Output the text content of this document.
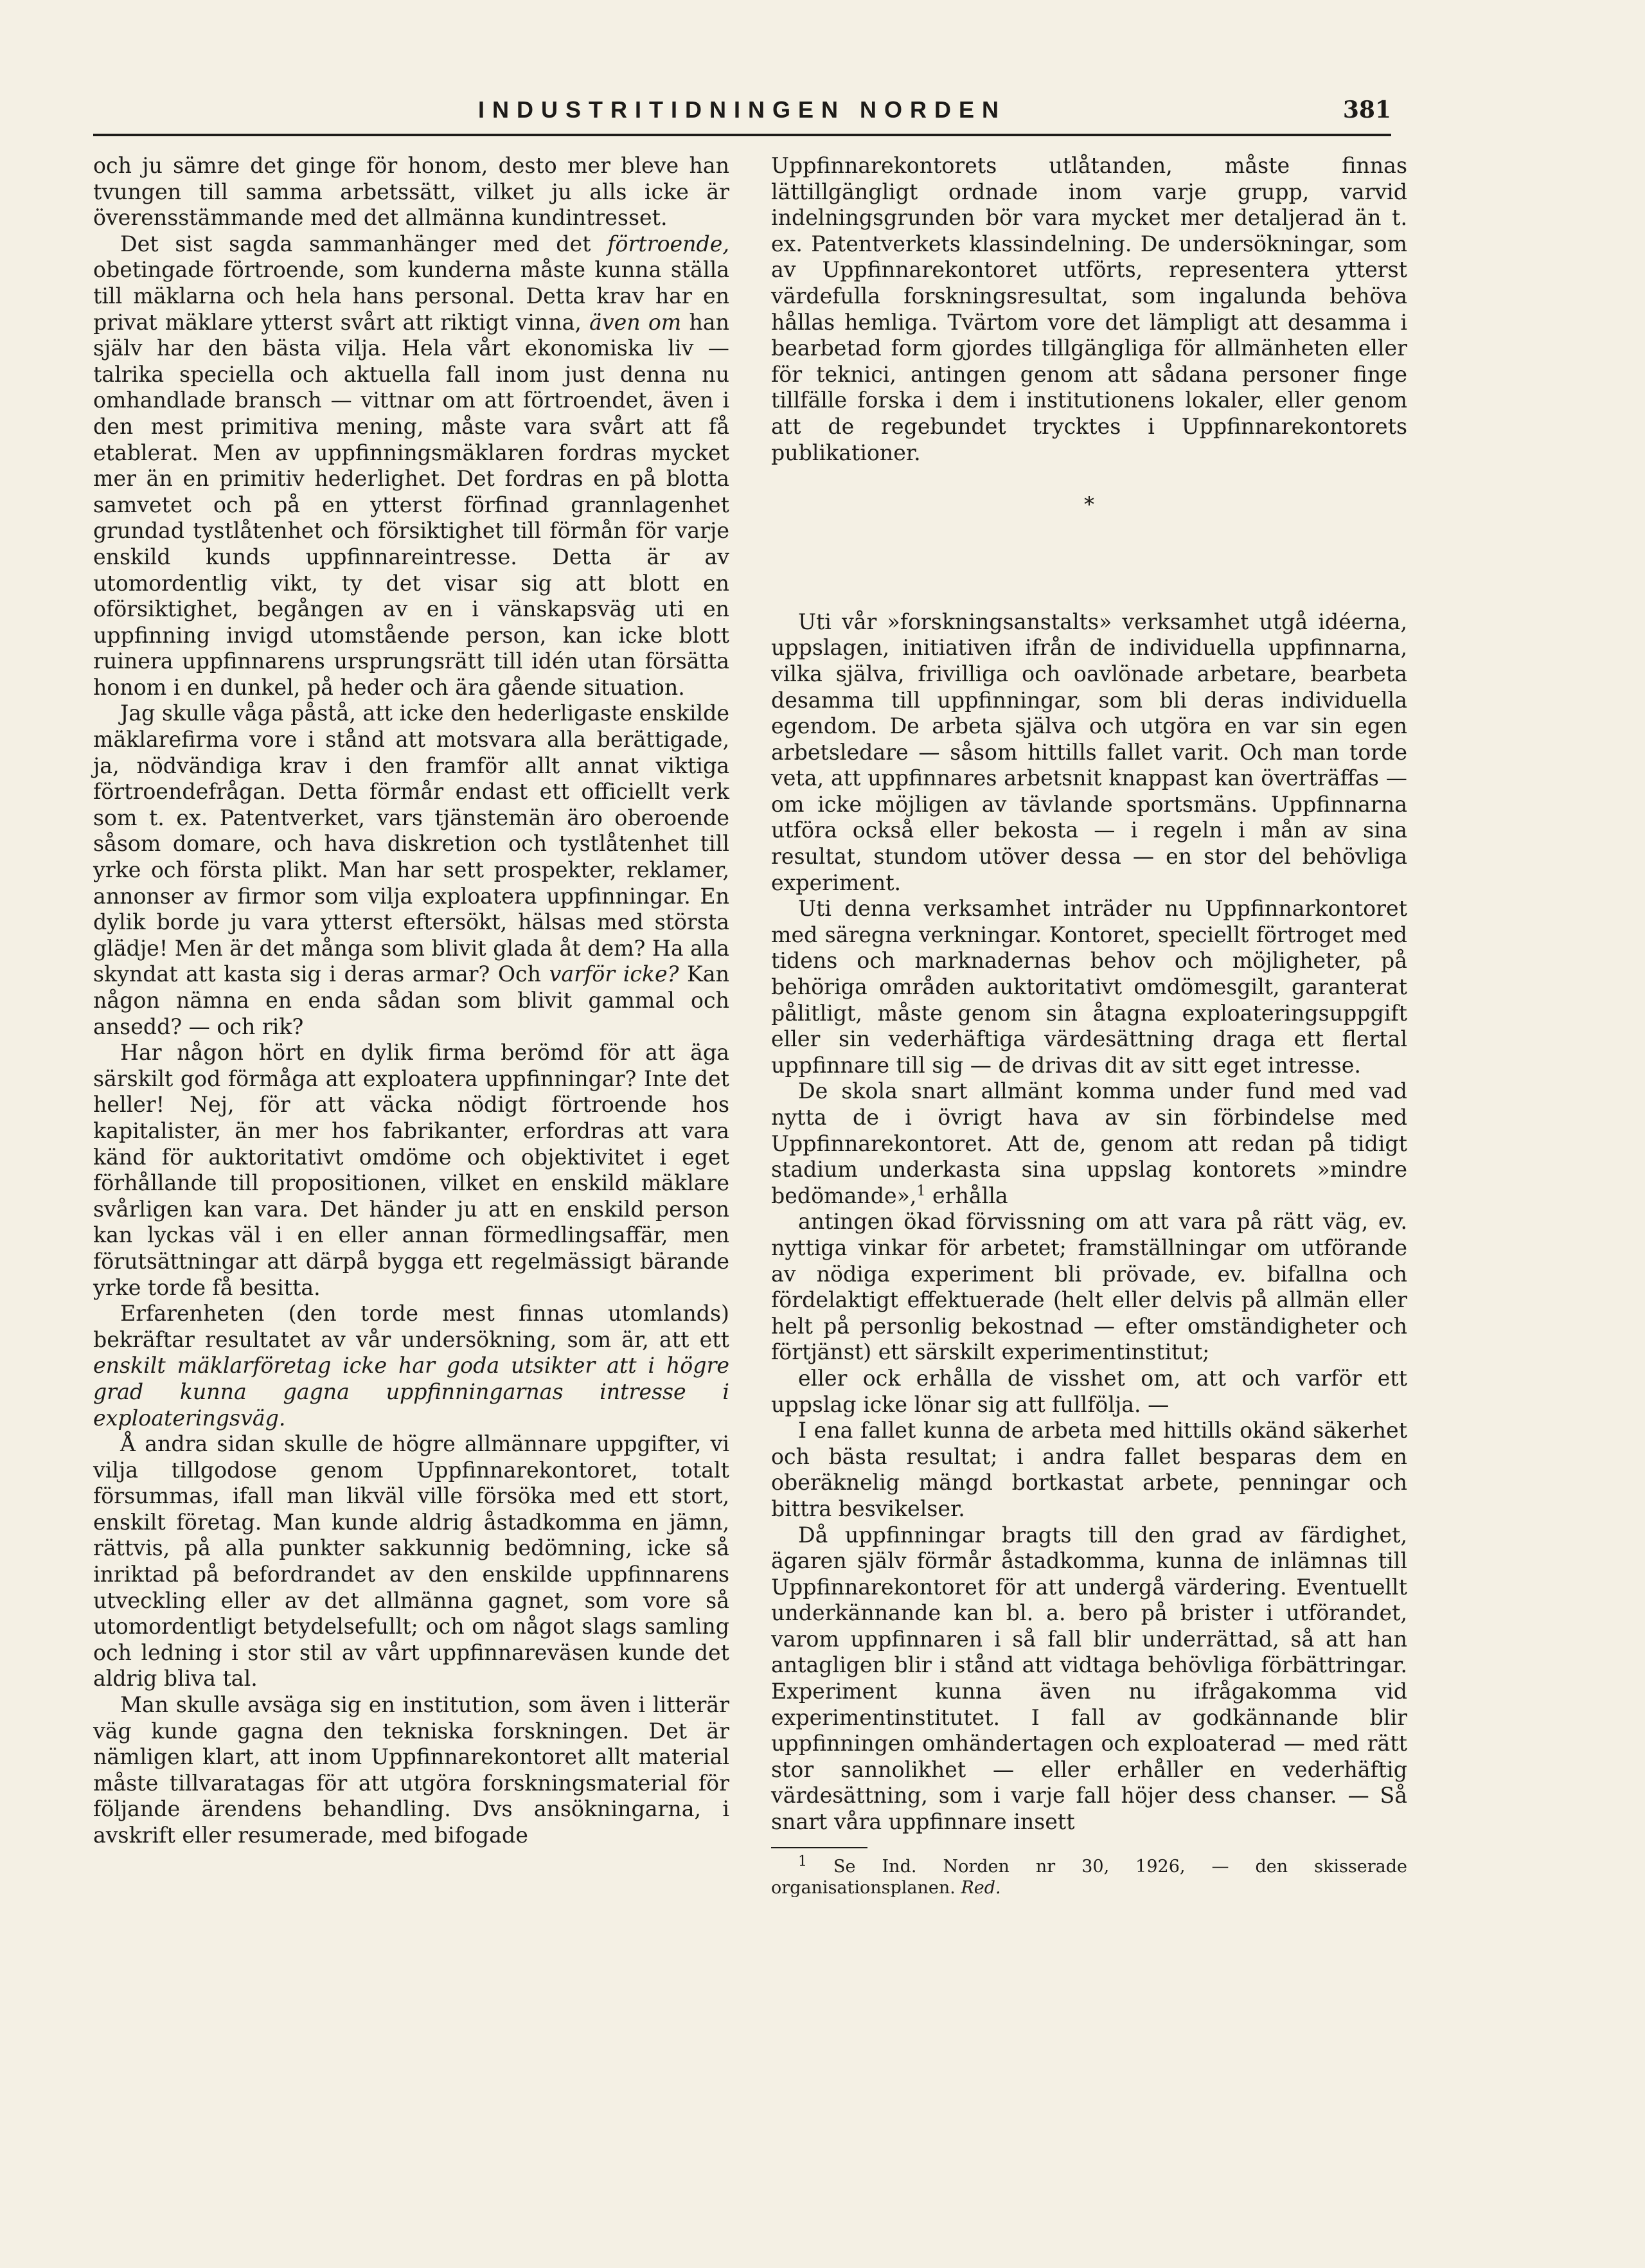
INDUSTRITIDNINGEN NORDEN	381

och ju sämre det ginge för honom, desto mer bleve han tvungen till samma arbetssätt, vilket ju alls icke är överensstämmande med det allmänna kundintresset.

Det sist sagda sammanhänger med det förtroende, obetingade förtroende, som kunderna måste kunna ställa till mäklarna och hela hans personal. Detta krav har en privat mäklare ytterst svårt att riktigt vinna, även om han själv har den bästa vilja. Hela vårt ekonomiska liv — talrika speciella och aktuella fall inom just denna nu omhandlade bransch — vittnar om att förtroendet, även i den mest primitiva mening, måste vara svårt att få etablerat. Men av uppfinningsmäklaren fordras mycket mer än en primitiv hederlighet. Det fordras en på blotta samvetet och på en ytterst förfinad grannlagenhet grundad tystlåtenhet och försiktighet till förmån för varje enskild kunds uppfinnareintresse. Detta är av utomordentlig vikt, ty det visar sig att blott en oförsiktighet, begången av en i vänskapsväg uti en uppfinning invigd utomstående person, kan icke blott ruinera uppfinnarens ursprungsrätt till idén utan försätta honom i en dunkel, på heder och ära gående situation.

Jag skulle våga påstå, att icke den hederligaste enskilde mäklarefirma vore i stånd att motsvara alla berättigade, ja, nödvändiga krav i den framför allt annat viktiga förtroendefrågan. Detta förmår endast ett officiellt verk som t. ex. Patentverket, vars tjänstemän äro oberoende såsom domare, och hava diskretion och tystlåtenhet till yrke och första plikt. Man har sett prospekter, reklamer, annonser av firmor som vilja exploatera uppfinningar. En dylik borde ju vara ytterst eftersökt, hälsas med största glädje! Men är det många som blivit glada åt dem? Ha alla skyndat att kasta sig i deras armar? Och varför icke? Kan någon nämna en enda sådan som blivit gammal och ansedd? — och rik?

Har någon hört en dylik firma berömd för att äga särskilt god förmåga att exploatera uppfinningar? Inte det heller! Nej, för att väcka nödigt förtroende hos kapitalister, än mer hos fabrikanter, erfordras att vara känd för auktoritativt omdöme och objektivitet i eget förhållande till propositionen, vilket en enskild mäklare svårligen kan vara. Det händer ju att en enskild person kan lyckas väl i en eller annan förmedlingsaffär, men förutsättningar att därpå bygga ett regelmässigt bärande yrke torde få besitta.

Erfarenheten (den torde mest finnas utomlands) bekräftar resultatet av vår undersökning, som är, att ett enskilt mäklarföretag icke har goda utsikter att i högre grad kunna gagna uppfinningarnas intresse i exploateringsväg.

Å andra sidan skulle de högre allmännare uppgifter, vi vilja tillgodose genom Uppfinnarekontoret, totalt försummas, ifall man likväl ville försöka med ett stort, enskilt företag. Man kunde aldrig åstadkomma en jämn, rättvis, på alla punkter sakkunnig bedömning, icke så inriktad på befordrandet av den enskilde uppfinnarens utveckling eller av det allmänna gagnet, som vore så utomordentligt betydelsefullt; och om något slags samling och ledning i stor stil av vårt uppfinnareväsen kunde det aldrig bliva tal.

Man skulle avsäga sig en institution, som även i litterär väg kunde gagna den tekniska forskningen. Det är nämligen klart, att inom Uppfinnarekontoret allt material måste tillvaratagas för att utgöra forskningsmaterial för följande ärendens behandling. Dvs ansökningarna, i avskrift eller resumerade, med bifogade

Uppfinnarekontorets utlåtanden, måste finnas lättillgängligt ordnade inom varje grupp, varvid indelningsgrunden bör vara mycket mer detaljerad än t. ex. Patentverkets klassindelning. De undersökningar, som av Uppfinnarekontoret utförts, representera ytterst värdefulla forskningsresultat, som ingalunda behöva hållas hemliga. Tvärtom vore det lämpligt att desamma i bearbetad form gjordes tillgängliga för allmänheten eller för teknici, antingen genom att sådana personer finge tillfälle forska i dem i institutionens lokaler, eller genom att de regebundet trycktes i Uppfinnarekontorets publikationer.

*

Uti vår »forskningsanstalts» verksamhet utgå idéerna, uppslagen, initiativen ifrån de individuella uppfinnarna, vilka själva, frivilliga och oavlönade arbetare, bearbeta desamma till uppfinningar, som bli deras individuella egendom. De arbeta själva och utgöra en var sin egen arbetsledare — såsom hittills fallet varit. Och man torde veta, att uppfinnares arbetsnit knappast kan överträffas — om icke möjligen av tävlande sportsmäns. Uppfinnarna utföra också eller bekosta — i regeln i mån av sina resultat, stundom utöver dessa — en stor del behövliga experiment.

Uti denna verksamhet inträder nu Uppfinnarkontoret med säregna verkningar. Kontoret, speciellt förtroget med tidens och marknadernas behov och möjligheter, på behöriga områden auktoritativt omdömesgilt, garanterat pålitligt, måste genom sin åtagna exploateringsuppgift eller sin vederhäftiga värdesättning draga ett flertal uppfinnare till sig — de drivas dit av sitt eget intresse.

De skola snart allmänt komma under fund med vad nytta de i övrigt hava av sin förbindelse med Uppfinnarekontoret. Att de, genom att redan på tidigt stadium underkasta sina uppslag kontorets »mindre bedömande»,$^1$ erhålla

antingen ökad förvissning om att vara på rätt väg, ev. nyttiga vinkar för arbetet; framställningar om utförande av nödiga experiment bli prövade, ev. bifallna och fördelaktigt effektuerade (helt eller delvis på allmän eller helt på personlig bekostnad — efter omständigheter och förtjänst) ett särskilt experimentinstitut;

eller ock erhålla de visshet om, att och varför ett uppslag icke lönar sig att fullfölja. —

I ena fallet kunna de arbeta med hittills okänd säkerhet och bästa resultat; i andra fallet besparas dem en oberäknelig mängd bortkastat arbete, penningar och bittra besvikelser.

Då uppfinningar bragts till den grad av färdighet, ägaren själv förmår åstadkomma, kunna de inlämnas till Uppfinnarekontoret för att undergå värdering. Eventuellt underkännande kan bl. a. bero på brister i utförandet, varom uppfinnaren i så fall blir underrättad, så att han antagligen blir i stånd att vidtaga behövliga förbättringar. Experiment kunna även nu ifrågakomma vid experimentinstitutet. I fall av godkännande blir uppfinningen omhändertagen och exploaterad — med rätt stor sannolikhet — eller erhåller en vederhäftig värdesättning, som i varje fall höjer dess chanser. — Så snart våra uppfinnare insett

$^1$ Se Ind. Norden nr 30, 1926, — den skisserade organisationsplanen. Red.
